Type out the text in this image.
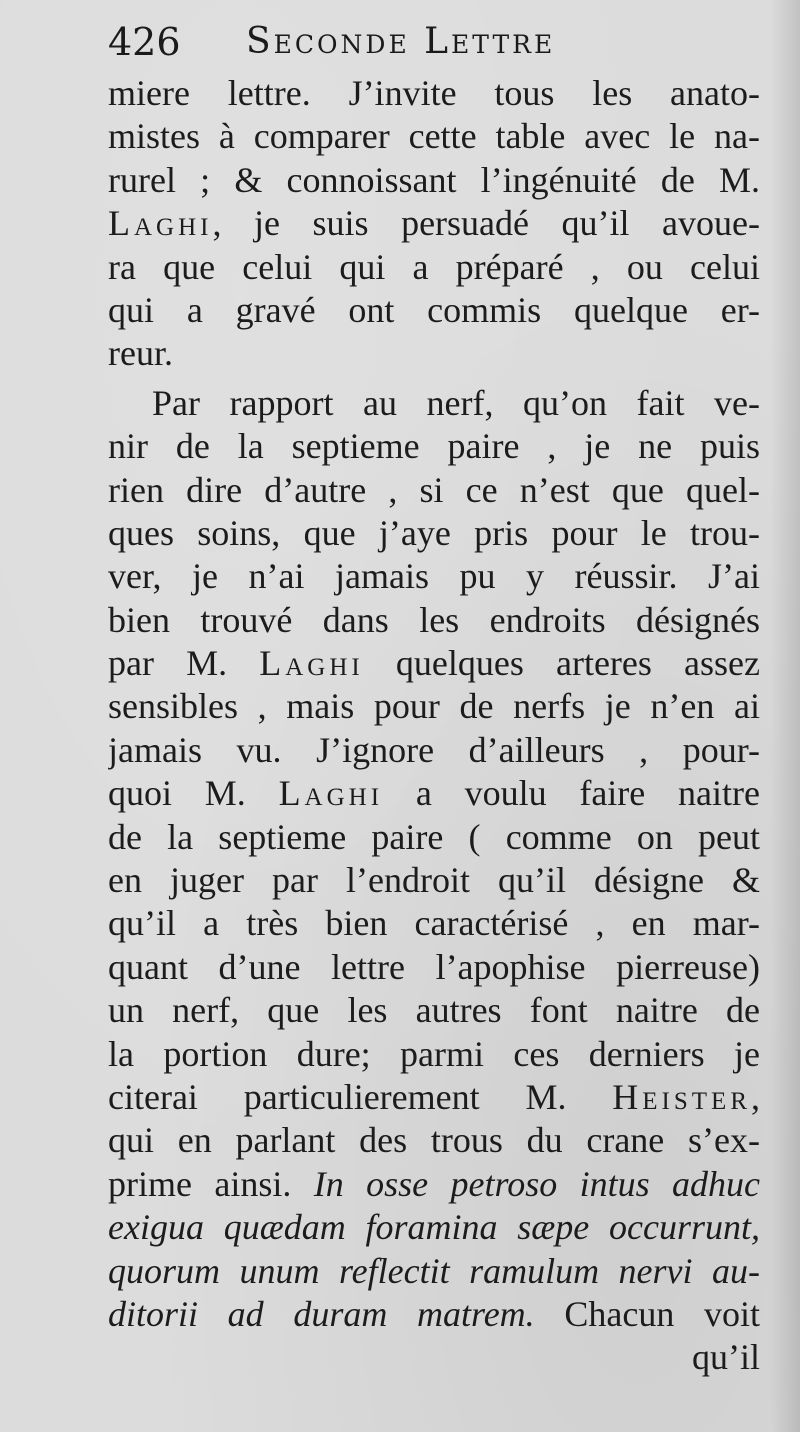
426 Seconde Lettre
miere lettre. J’invite tous les anato-
mistes à comparer cette table avec le na-
rurel ; & connoissant l’ingénuité de M.
Laghi, je suis persuadé qu’il avoue-
ra que celui qui a préparé , ou celui
qui a gravé ont commis quelque er-
reur.
Par rapport au nerf, qu’on fait ve-
nir de la septieme paire , je ne puis
rien dire d’autre , si ce n’est que quel-
ques soins, que j’aye pris pour le trou-
ver, je n’ai jamais pu y réussir. J’ai
bien trouvé dans les endroits désignés
par M. Laghi quelques arteres assez
sensibles , mais pour de nerfs je n’en ai
jamais vu. J’ignore d’ailleurs , pour-
quoi M. Laghi a voulu faire naitre
de la septieme paire ( comme on peut
en juger par l’endroit qu’il désigne &
qu’il a très bien caractérisé , en mar-
quant d’une lettre l’apophise pierreuse)
un nerf, que les autres font naitre de
la portion dure; parmi ces derniers je
citerai particulierement M. Heister,
qui en parlant des trous du crane s’ex-
prime ainsi. In osse petroso intus adhuc
exigua quædam foramina sæpe occurrunt,
quorum unum reflectit ramulum nervi au-
ditorii ad duram matrem. Chacun voit
qu’il
